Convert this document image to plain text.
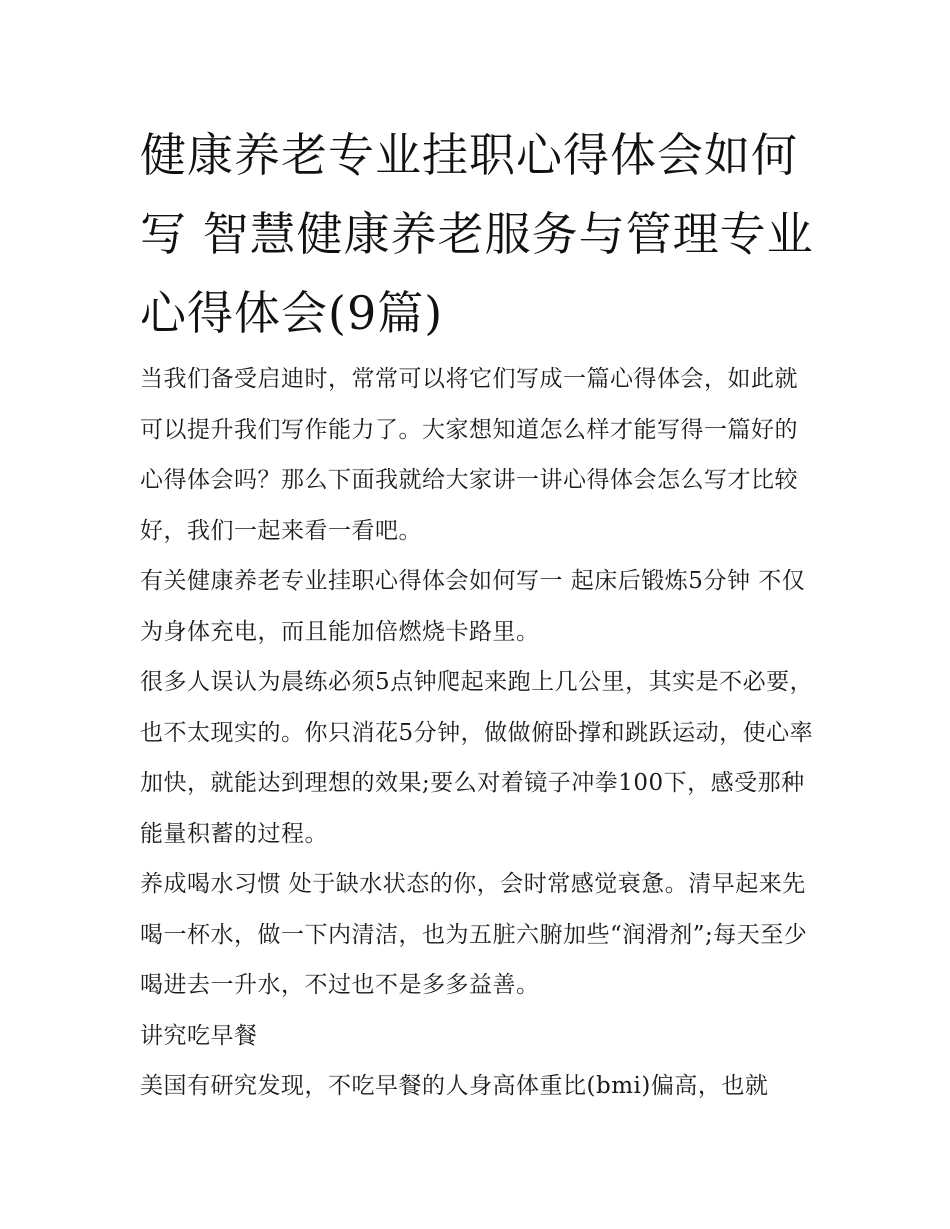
健康养老专业挂职心得体会如何写 智慧健康养老服务与管理专业心得体会(9篇)

当我们备受启迪时，常常可以将它们写成一篇心得体会，如此就可以提升我们写作能力了。大家想知道怎么样才能写得一篇好的心得体会吗？那么下面我就给大家讲一讲心得体会怎么写才比较好，我们一起来看一看吧。

有关健康养老专业挂职心得体会如何写一 起床后锻炼5分钟 不仅为身体充电，而且能加倍燃烧卡路里。

很多人误认为晨练必须5点钟爬起来跑上几公里，其实是不必要，也不太现实的。你只消花5分钟，做做俯卧撑和跳跃运动，使心率加快，就能达到理想的效果;要么对着镜子冲拳100下，感受那种能量积蓄的过程。

养成喝水习惯 处于缺水状态的你，会时常感觉衰惫。清早起来先喝一杯水，做一下内清洁，也为五脏六腑加些“润滑剂”;每天至少喝进去一升水，不过也不是多多益善。

讲究吃早餐

美国有研究发现，不吃早餐的人身高体重比(bmi)偏高，也就
